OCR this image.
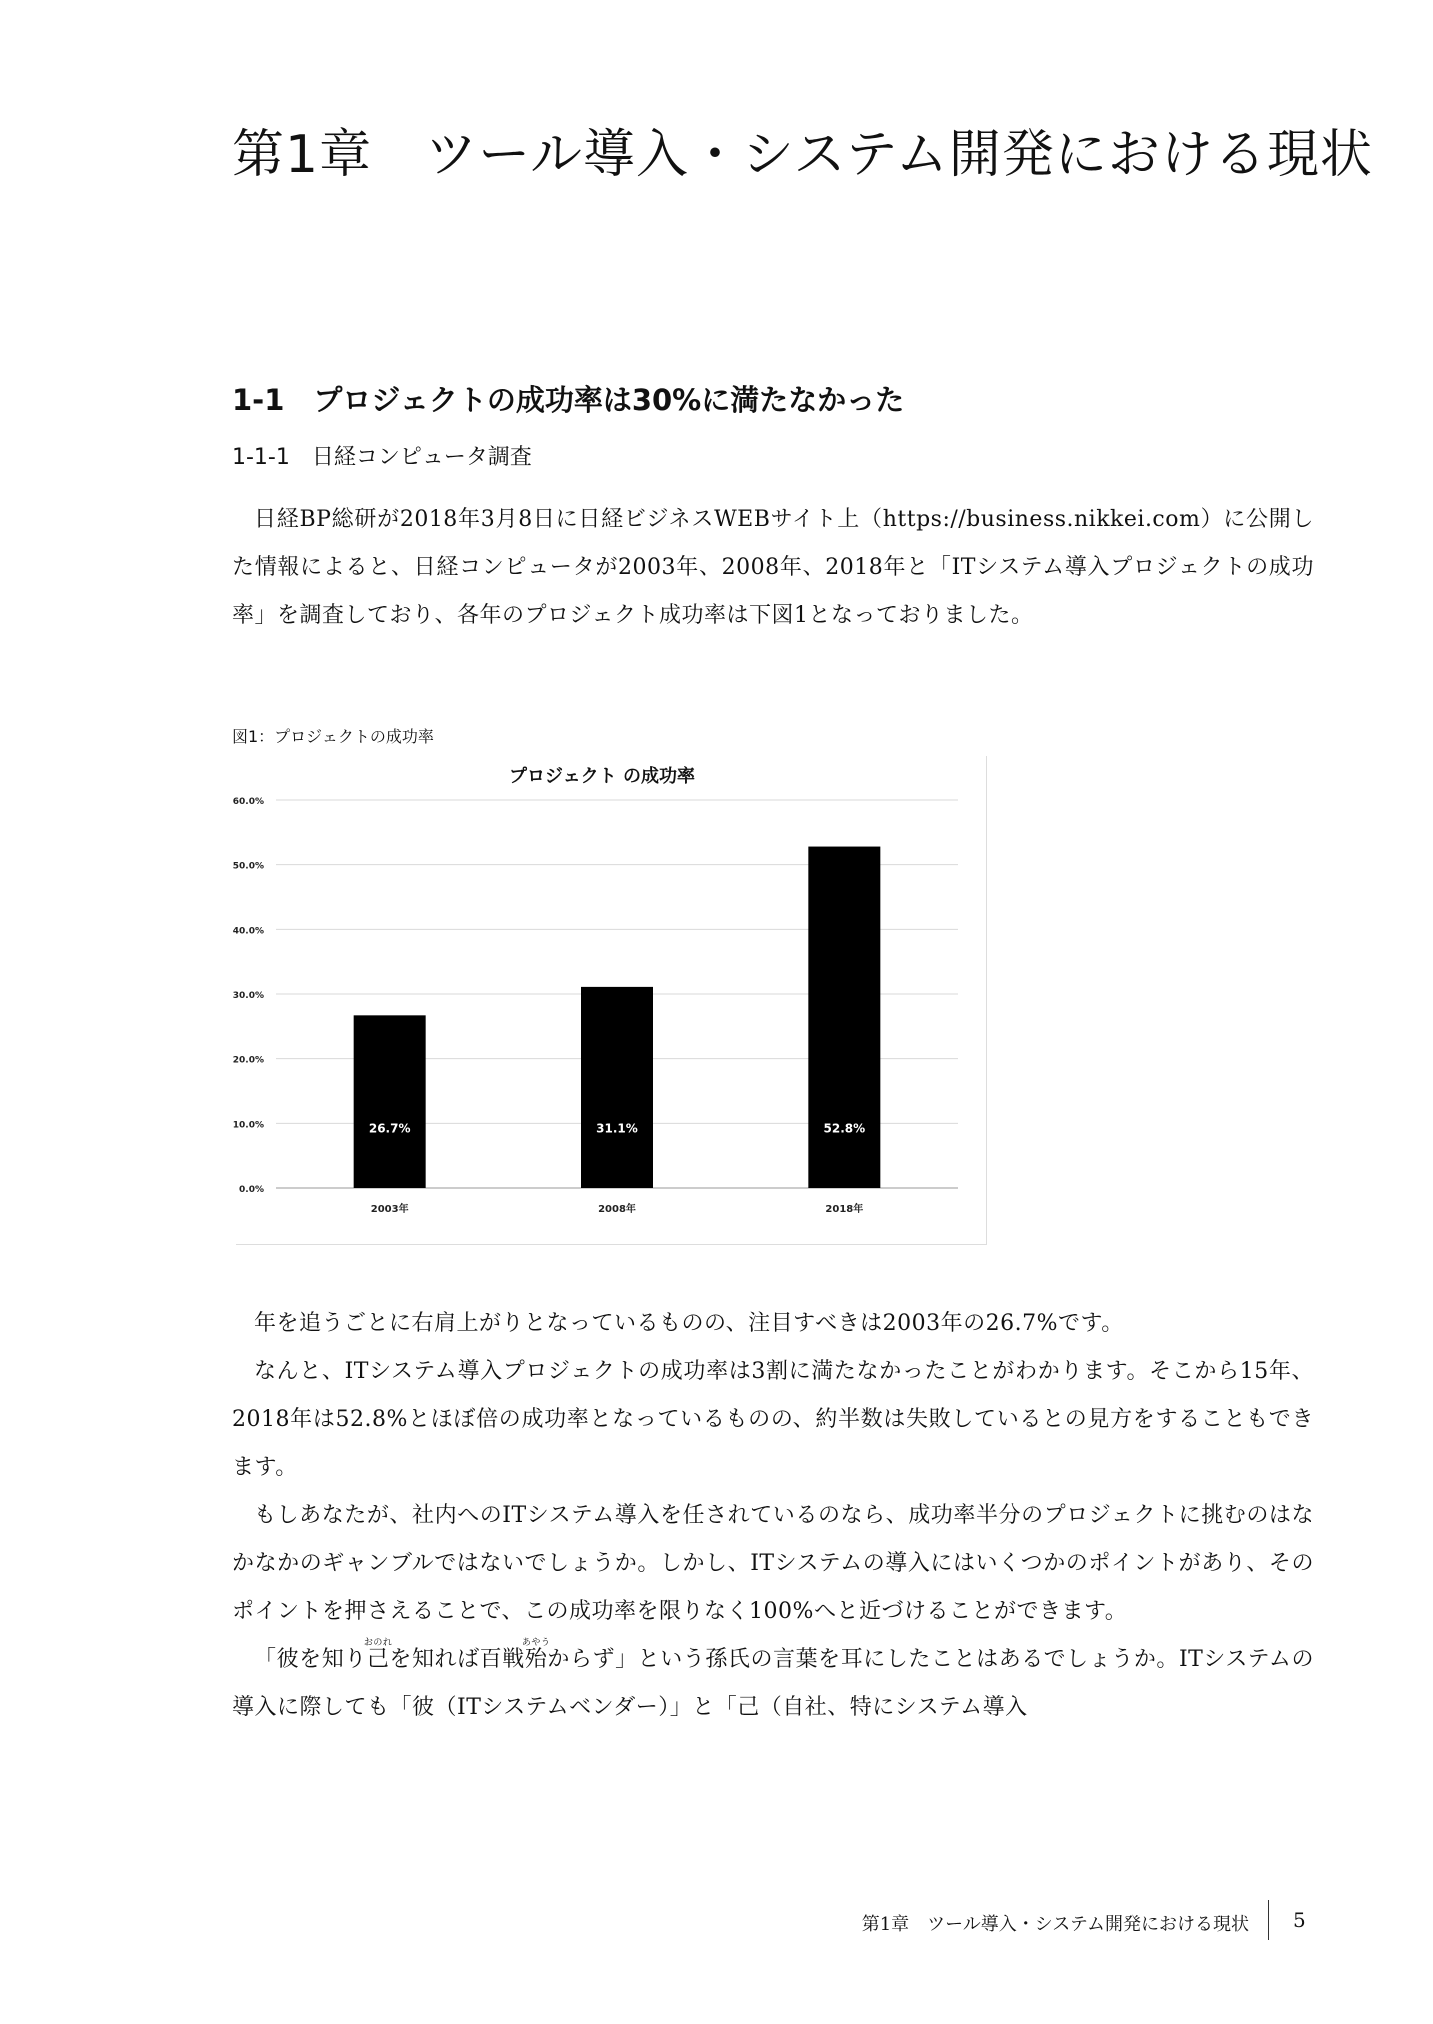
第1章　ツール導入・システム開発における現状
1-1　プロジェクトの成功率は30%に満たなかった
1-1-1　日経コンピュータ調査

日経BP総研が2018年3月8日に日経ビジネスWEBサイト上（https://business.nikkei.com）に公開した情報によると、日経コンピュータが2003年、2008年、2018年と「ITシステム導入プロジェクトの成功率」を調査しており、各年のプロジェクト成功率は下図1となっておりました。

図1：プロジェクトの成功率
プロジェクト の成功率
0.0%
10.0%
20.0%
30.0%
40.0%
50.0%
60.0%
26.7%
2003年
31.1%
2008年
52.8%
2018年

年を追うごとに右肩上がりとなっているものの、注目すべきは2003年の26.7%です。

なんと、ITシステム導入プロジェクトの成功率は3割に満たなかったことがわかります。そこから15年、2018年は52.8%とほぼ倍の成功率となっているものの、約半数は失敗しているとの見方をすることもできます。

もしあなたが、社内へのITシステム導入を任されているのなら、成功率半分のプロジェクトに挑むのはなかなかのギャンブルではないでしょうか。しかし、ITシステムの導入にはいくつかのポイントがあり、そのポイントを押さえることで、この成功率を限りなく100%へと近づけることができます。

「彼を知り己おのれを知れば百戦殆あやうからず」という孫氏の言葉を耳にしたことはあるでしょうか。ITシステムの導入に際しても「彼（ITシステムベンダー）」と「己（自社、特にシステム導入

第1章　ツール導入・システム開発における現状 5
